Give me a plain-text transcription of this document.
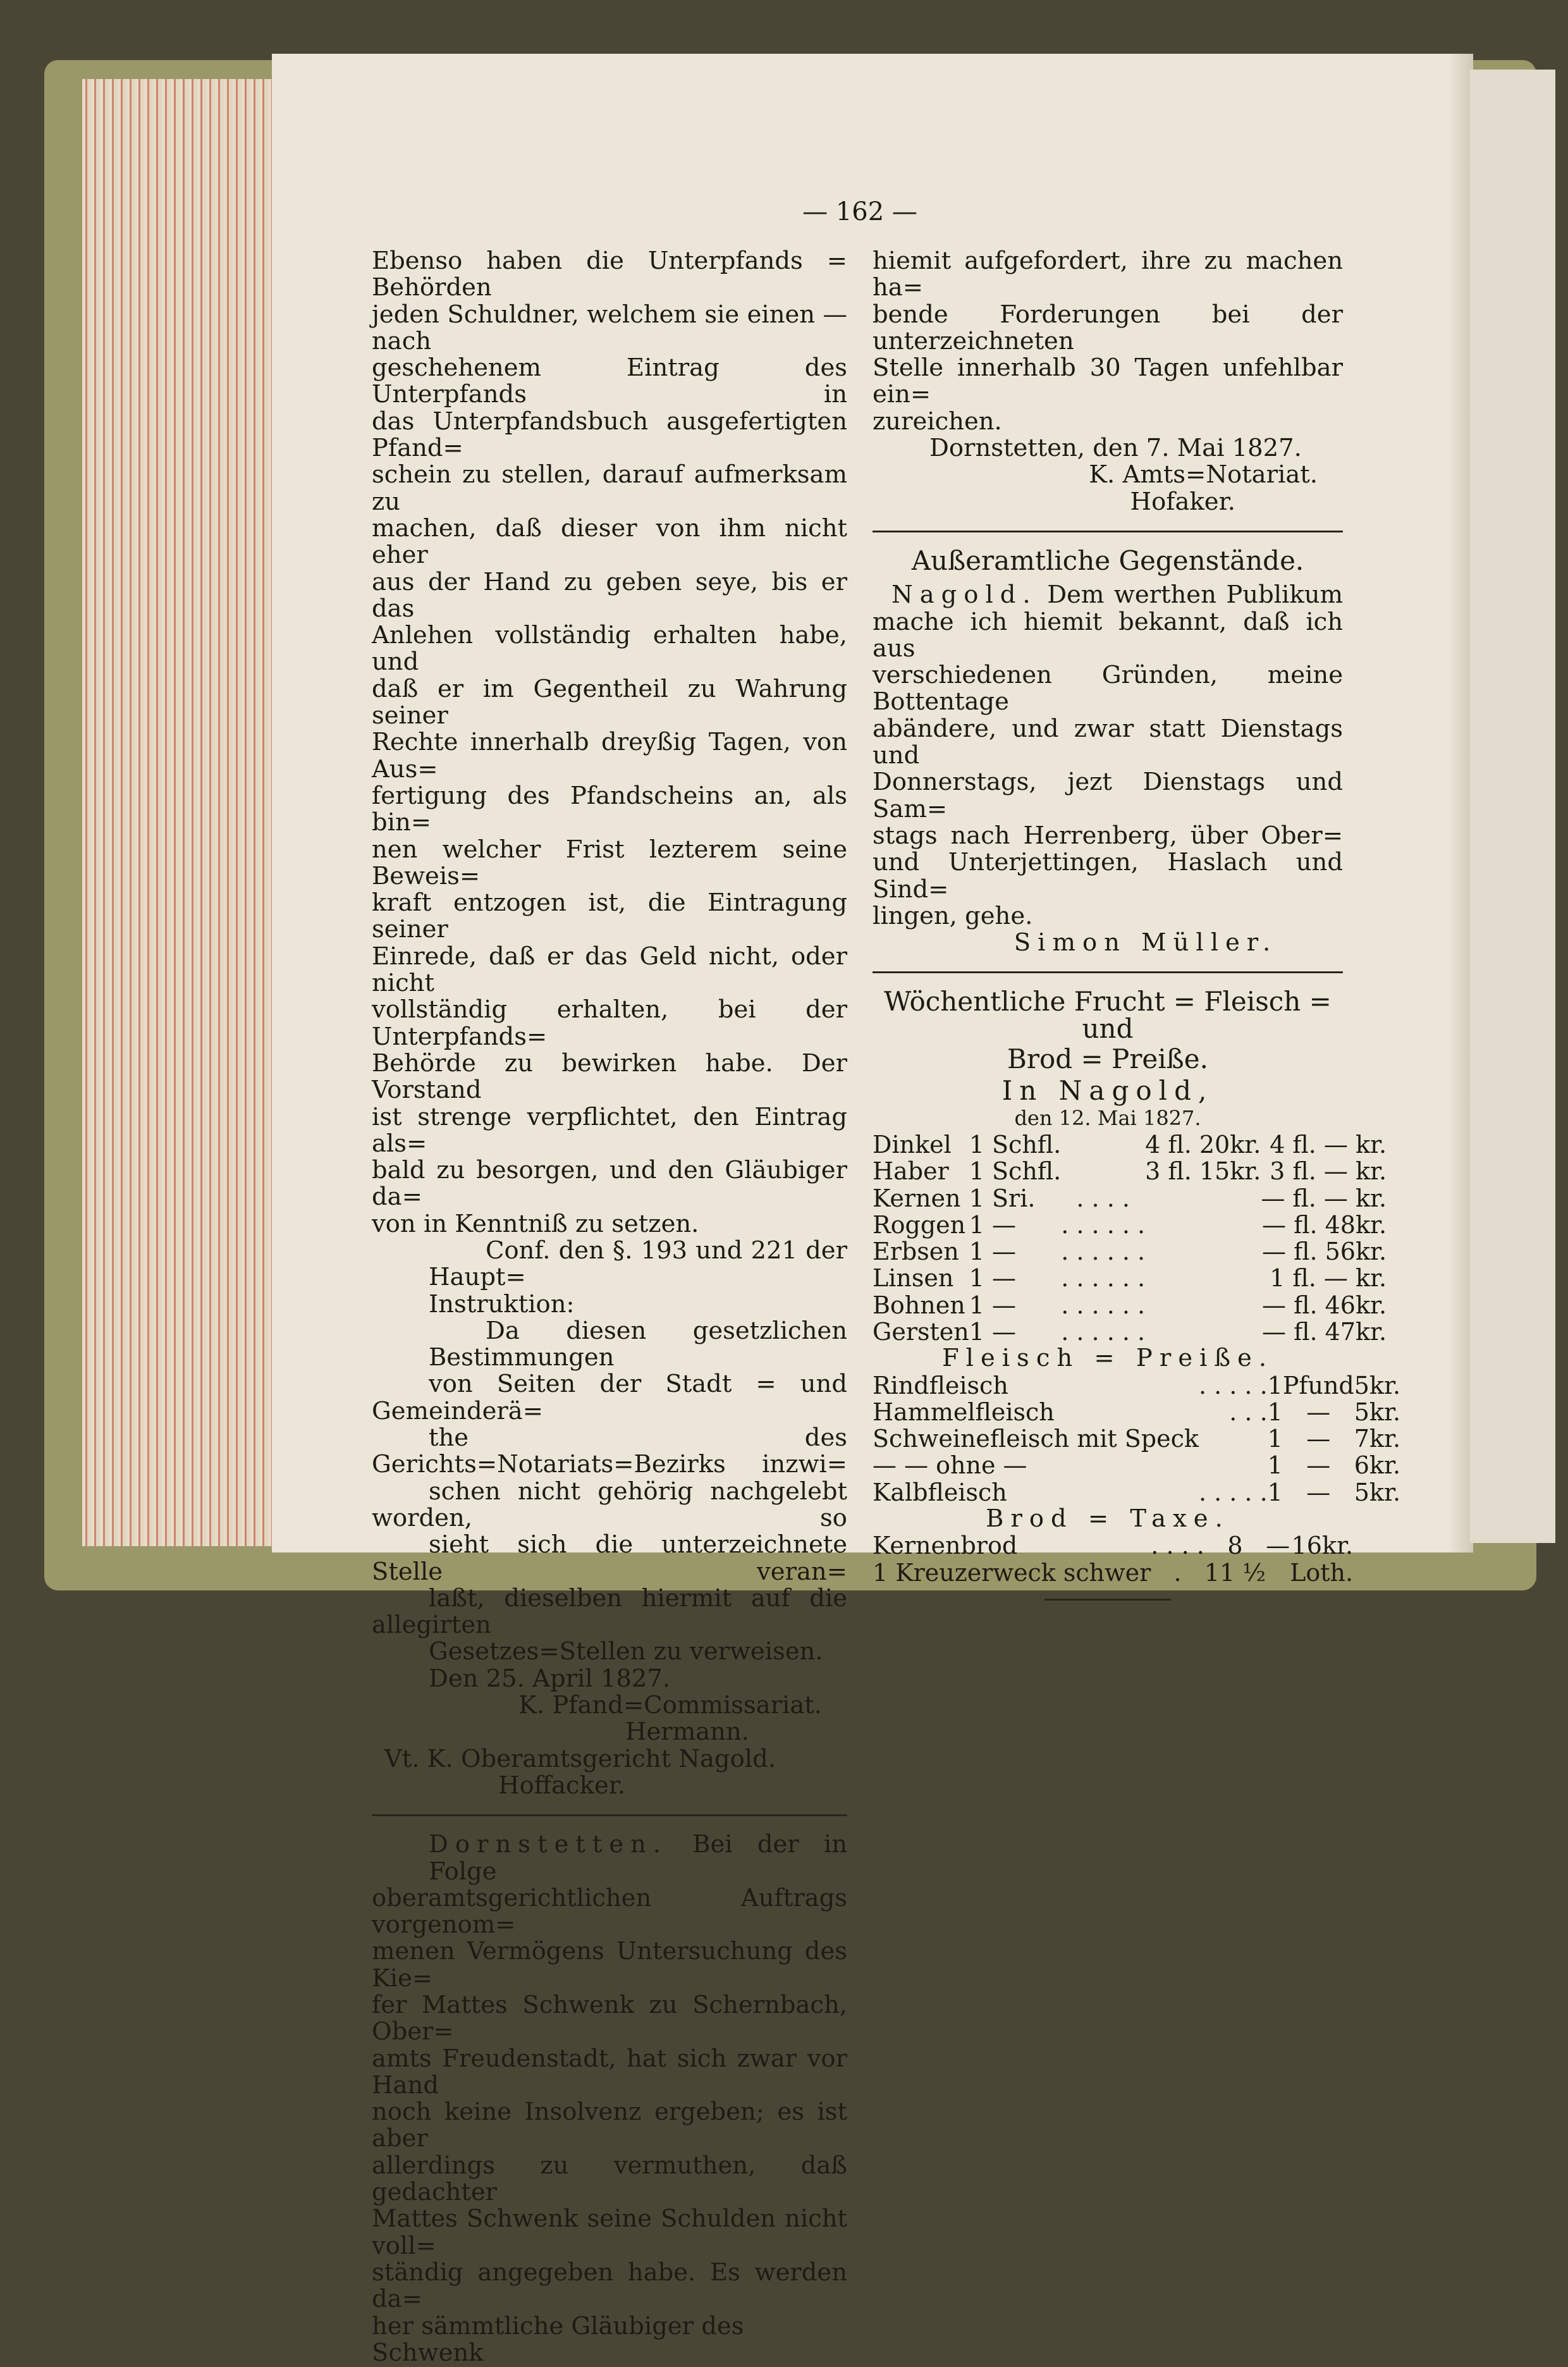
— 162 —
Ebenso haben die Unterpfands = Behörden
jeden Schuldner, welchem sie einen — nach
geschehenem Eintrag des Unterpfands in
das Unterpfandsbuch ausgefertigten Pfand=
schein zu stellen, darauf aufmerksam zu
machen, daß dieser von ihm nicht eher
aus der Hand zu geben seye, bis er das
Anlehen vollständig erhalten habe, und
daß er im Gegentheil zu Wahrung seiner
Rechte innerhalb dreyßig Tagen, von Aus=
fertigung des Pfandscheins an, als bin=
nen welcher Frist lezterem seine Beweis=
kraft entzogen ist, die Eintragung seiner
Einrede, daß er das Geld nicht, oder nicht
vollständig erhalten, bei der Unterpfands=
Behörde zu bewirken habe. Der Vorstand
ist strenge verpflichtet, den Eintrag als=
bald zu besorgen, und den Gläubiger da=
von in Kenntniß zu setzen.
Conf. den §. 193 und 221 der Haupt=
Instruktion:
Da diesen gesetzlichen Bestimmungen
von Seiten der Stadt = und Gemeinderä=
the des Gerichts=Notariats=Bezirks inzwi=
schen nicht gehörig nachgelebt worden, so
sieht sich die unterzeichnete Stelle veran=
laßt, dieselben hiermit auf die allegirten
Gesetzes=Stellen zu verweisen.
Den 25. April 1827.
K. Pfand=Commissariat.
Hermann.
Vt. K. Oberamtsgericht Nagold.
Hoffacker.
Dornstetten. Bei der in Folge
oberamtsgerichtlichen Auftrags vorgenom=
menen Vermögens Untersuchung des Kie=
fer Mattes Schwenk zu Schernbach, Ober=
amts Freudenstadt, hat sich zwar vor Hand
noch keine Insolvenz ergeben; es ist aber
allerdings zu vermuthen, daß gedachter
Mattes Schwenk seine Schulden nicht voll=
ständig angegeben habe. Es werden da=
her sämmtliche Gläubiger des Schwenk
hiemit aufgefordert, ihre zu machen ha=
bende Forderungen bei der unterzeichneten
Stelle innerhalb 30 Tagen unfehlbar ein=
zureichen.
Dornstetten, den 7. Mai 1827.
K. Amts=Notariat.
Hofaker.
Außeramtliche Gegenstände.
Nagold. Dem werthen Publikum
mache ich hiemit bekannt, daß ich aus
verschiedenen Gründen, meine Bottentage
abändere, und zwar statt Dienstags und
Donnerstags, jezt Dienstags und Sam=
stags nach Herrenberg, über Ober=
und Unterjettingen, Haslach und Sind=
lingen, gehe.
Simon Müller.
Wöchentliche Frucht = Fleisch = und
Brod = Preiße.
In Nagold,
den 12. Mai 1827.
Dinkel	1 Schfl.		4 fl. 20kr.	4 fl. — kr.
Haber	1 Schfl.		3 fl. 15kr.	3 fl. — kr.
Kernen	1 Sri.	. . . .		— fl. — kr.
Roggen	1 —	. . . . . .		— fl. 48kr.
Erbsen	1 —	. . . . . .		— fl. 56kr.
Linsen	1 —	. . . . . .		1 fl. — kr.
Bohnen	1 —	. . . . . .		— fl. 46kr.
Gersten	1 —	. . . . . .		— fl. 47kr.
Fleisch = Preiße.
Rindfleisch	. . . . .	1	Pfund	5kr.
Hammelfleisch	. . .	1	—	5kr.
Schweinefleisch mit Speck		1	—	7kr.
— — ohne —		1	—	6kr.
Kalbfleisch	. . . . .	1	—	5kr.
Brod = Taxe.
Kernenbrod	. . . .	8	—	16kr.
1 Kreuzerweck schwer	.	11 ½		Loth.
